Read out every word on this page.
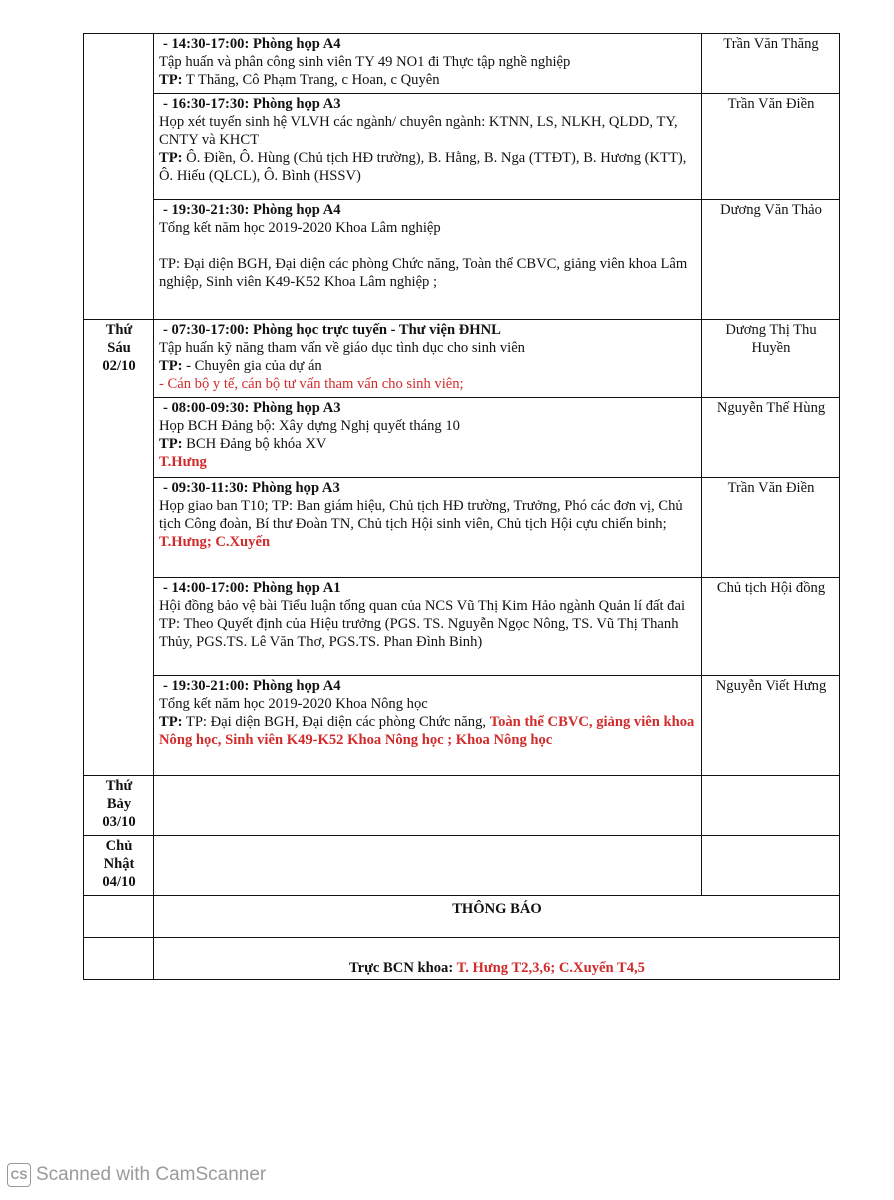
	- 14:30-17:00: Phòng họp A4
Tập huấn và phân công sinh viên TY 49 NO1 đi Thực tập nghề nghiệp
TP: T Thăng, Cô Phạm Trang, c Hoan, c Quyên	Trần Văn Thăng

	- 16:30-17:30: Phòng họp A3
Họp xét tuyển sinh hệ VLVH các ngành/ chuyên ngành: KTNN, LS, NLKH, QLDD, TY, CNTY và KHCT
TP: Ô. Điền, Ô. Hùng (Chủ tịch HĐ trường), B. Hằng, B. Nga (TTĐT), B. Hương (KTT), Ô. Hiếu (QLCL), Ô. Bình (HSSV)	Trần Văn Điền

	- 19:30-21:30: Phòng họp A4
Tổng kết năm học 2019-2020 Khoa Lâm nghiệp
TP: Đại diện BGH, Đại diện các phòng Chức năng, Toàn thể CBVC, giảng viên khoa Lâm nghiệp, Sinh viên K49-K52 Khoa Lâm nghiệp ;	Dương Văn Thảo

Thứ
Sáu
02/10	- 07:30-17:00: Phòng học trực tuyến - Thư viện ĐHNL
Tập huấn kỹ năng tham vấn về giáo dục tình dục cho sinh viên
TP: - Chuyên gia của dự án
- Cán bộ y tế, cán bộ tư vấn tham vấn cho sinh viên;	Dương Thị Thu Huyền

	- 08:00-09:30: Phòng họp A3
Họp BCH Đảng bộ: Xây dựng Nghị quyết tháng 10
TP: BCH Đảng bộ khóa XV
T.Hưng	Nguyễn Thế Hùng

	- 09:30-11:30: Phòng họp A3
Họp giao ban T10; TP: Ban giám hiệu, Chủ tịch HĐ trường, Trưởng, Phó các đơn vị, Chủ tịch Công đoàn, Bí thư Đoàn TN, Chủ tịch Hội sinh viên, Chủ tịch Hội cựu chiến binh;
T.Hưng; C.Xuyến	Trần Văn Điền

	- 14:00-17:00: Phòng họp A1
Hội đồng bảo vệ bài Tiểu luận tổng quan của NCS Vũ Thị Kim Hảo ngành Quản lí đất đai
TP: Theo Quyết định của Hiệu trưởng (PGS. TS. Nguyễn Ngọc Nông, TS. Vũ Thị Thanh Thủy, PGS.TS. Lê Văn Thơ, PGS.TS. Phan Đình Binh)	Chủ tịch Hội đồng

	- 19:30-21:00: Phòng họp A4
Tổng kết năm học 2019-2020 Khoa Nông học
TP: TP: Đại diện BGH, Đại diện các phòng Chức năng, Toàn thể CBVC, giảng viên khoa Nông học, Sinh viên K49-K52 Khoa Nông học ; Khoa Nông học	Nguyễn Viết Hưng

Thứ
Bảy
03/10		

Chủ
Nhật
04/10		

	THÔNG BÁO	
	Trực BCN khoa: T. Hưng T2,3,6; C.Xuyến T4,5	
CS Scanned with CamScanner
